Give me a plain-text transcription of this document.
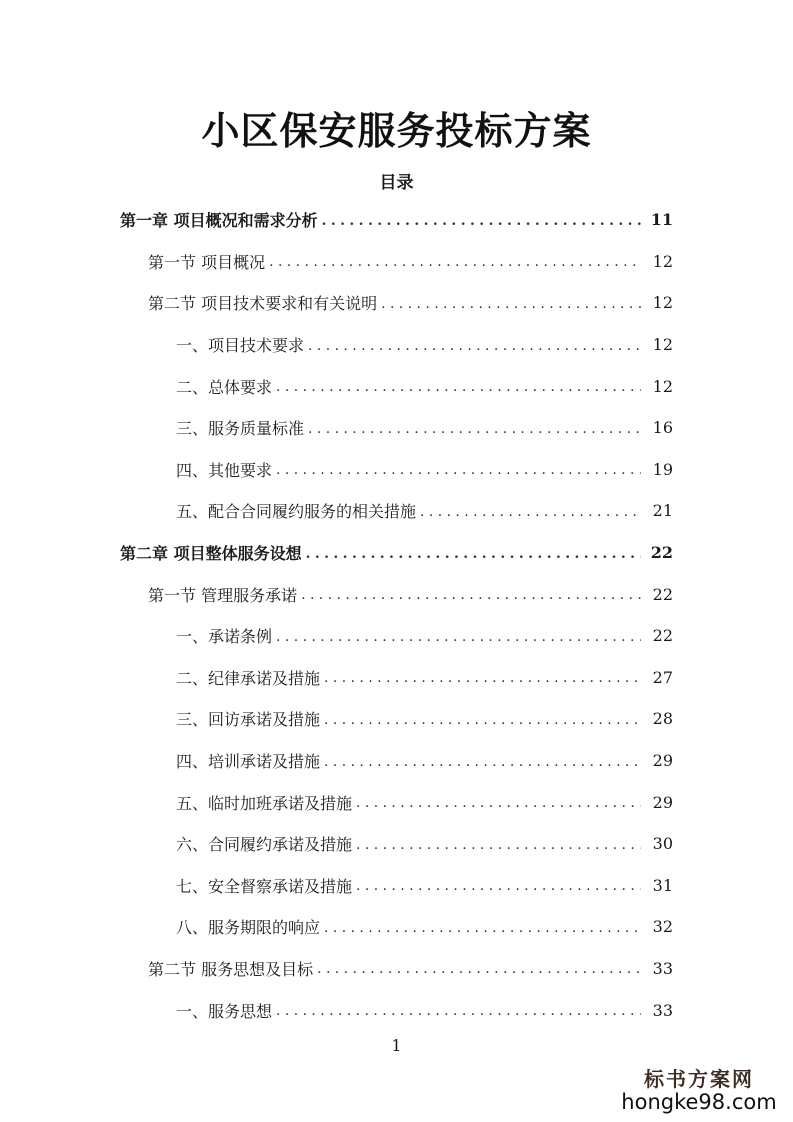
小区保安服务投标方案
目录
第一章 项目概况和需求分析 .....	11
第一节 项目概况 .....	12
第二节 项目技术要求和有关说明 .....	12
一、项目技术要求 .....	12
二、总体要求 .....	12
三、服务质量标准 .....	16
四、其他要求 .....	19
五、配合合同履约服务的相关措施 .....	21
第二章 项目整体服务设想 .....	22
第一节 管理服务承诺 .....	22
一、承诺条例 .....	22
二、纪律承诺及措施 .....	27
三、回访承诺及措施 .....	28
四、培训承诺及措施 .....	29
五、临时加班承诺及措施 .....	29
六、合同履约承诺及措施 .....	30
七、安全督察承诺及措施 .....	31
八、服务期限的响应 .....	32
第二节 服务思想及目标 .....	33
一、服务思想 .....	33
1
标书方案网
hongke98.com
